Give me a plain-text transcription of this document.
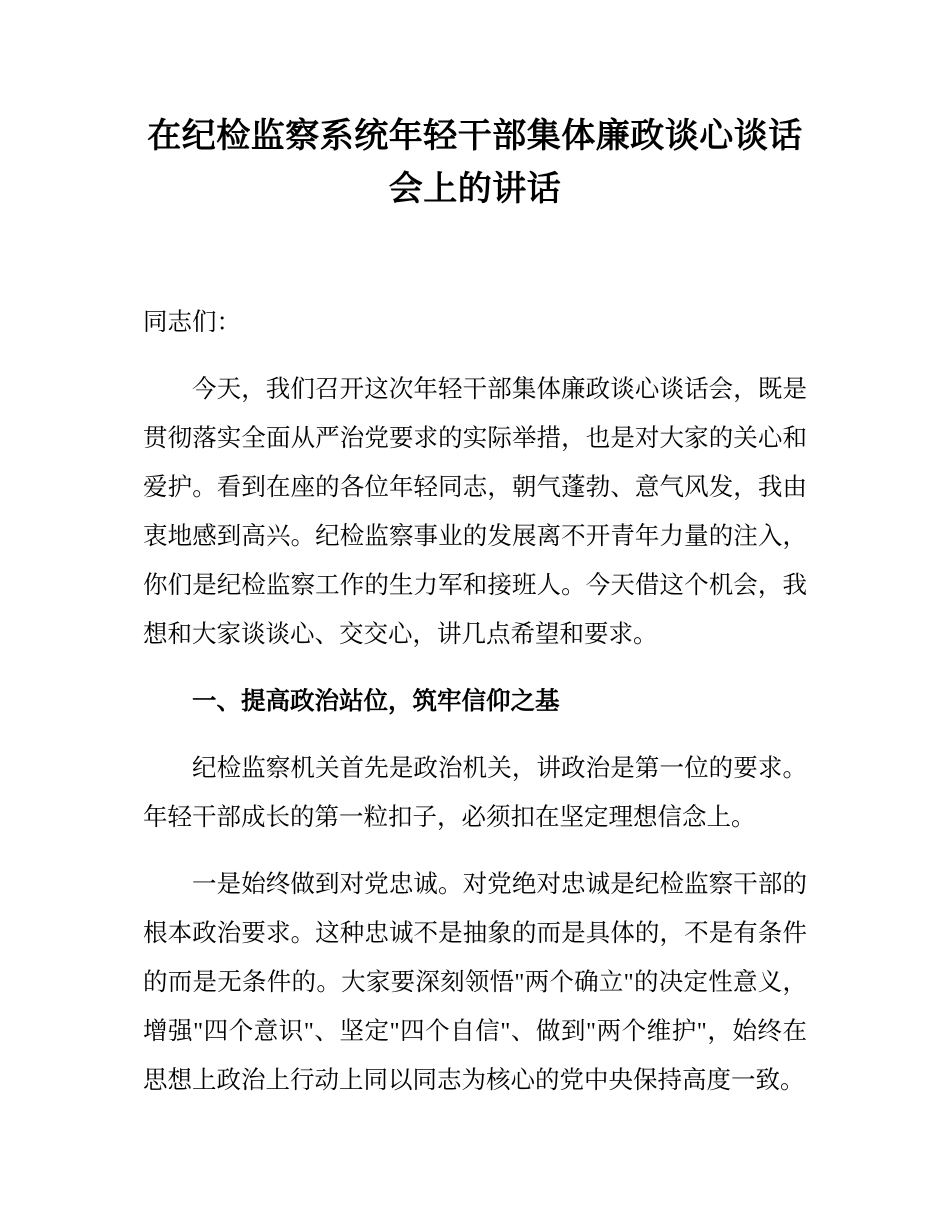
在纪检监察系统年轻干部集体廉政谈心谈话会上的讲话

同志们：

今天，我们召开这次年轻干部集体廉政谈心谈话会，既是贯彻落实全面从严治党要求的实际举措，也是对大家的关心和爱护。看到在座的各位年轻同志，朝气蓬勃、意气风发，我由衷地感到高兴。纪检监察事业的发展离不开青年力量的注入，你们是纪检监察工作的生力军和接班人。今天借这个机会，我想和大家谈谈心、交交心，讲几点希望和要求。

一、提高政治站位，筑牢信仰之基

纪检监察机关首先是政治机关，讲政治是第一位的要求。年轻干部成长的第一粒扣子，必须扣在坚定理想信念上。

一是始终做到对党忠诚。对党绝对忠诚是纪检监察干部的根本政治要求。这种忠诚不是抽象的而是具体的，不是有条件的而是无条件的。大家要深刻领悟"两个确立"的决定性意义，增强"四个意识"、坚定"四个自信"、做到"两个维护"，始终在思想上政治上行动上同以同志为核心的党中央保持高度一致。
